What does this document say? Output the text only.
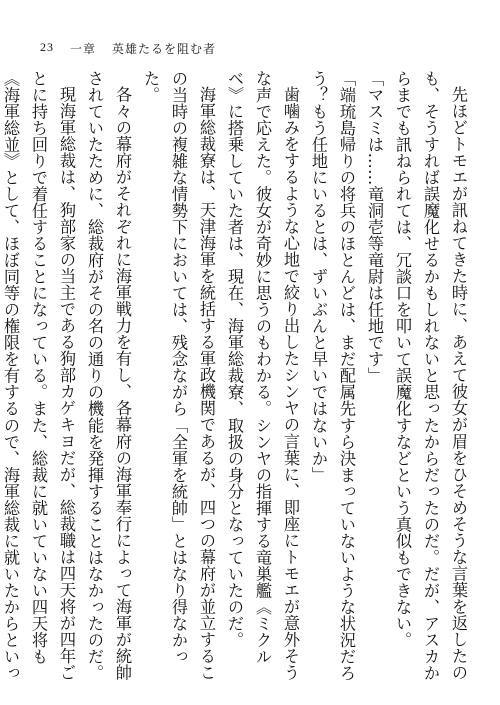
23 一章 英雄たるを阻む者

先ほどトモエが訊ねてきた時に、あえて彼女が眉をひそめそうな言葉を返したのも、そうすれば誤魔化せるかもしれないと思ったからだったのだ。だが、アスカからまでも訊ねられては、冗談口を叩いて誤魔化すなどという真似もできない。

「マスミは……竜洞壱等竜尉は任地です」

「端琉島帰りの将兵のほとんどは、まだ配属先すら決まっていないような状況だろう？もう任地にいるとは、ずいぶんと早いではないか」

歯噛みをするような心地で絞り出したシンヤの言葉に、即座にトモエが意外そうな声で応えた。彼女が奇妙に思うのもわかる。シンヤの指揮する竜巣艦《ミクルベ》に搭乗していた者は、現在、海軍総裁寮、取扱の身分となっていたのだ。

海軍総裁寮は、天津海軍を統括する軍政機関であるが、四つの幕府が並立するこの当時の複雑な情勢下においては、残念ながら「全軍を統帥」とはなり得なかった。

各々の幕府がそれぞれに海軍戦力を有し、各幕府の海軍奉行によって海軍が統帥されていたために、総裁府がその名の通りの機能を発揮することはなかったのだ。

現海軍総裁は、狗部家の当主である狗部カゲキヨだが、総裁職は四天将が四年ごとに持ち回りで着任することになっている。また、総裁に就いていない四天将も《海軍総並》として、ほぼ同等の権限を有するので、海軍総裁に就いたからといっ
